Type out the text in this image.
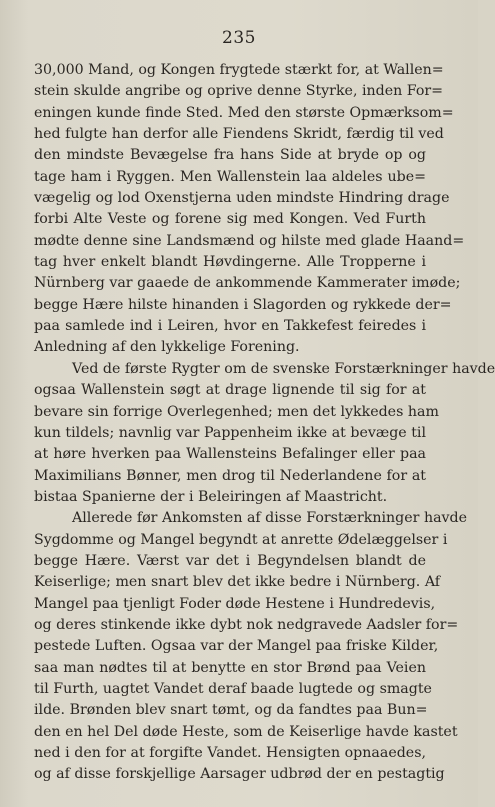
235
30,000 Mand, og Kongen frygtede stærkt for, at Wallen=
stein skulde angribe og oprive denne Styrke, inden For=
eningen kunde finde Sted. Med den største Opmærksom=
hed fulgte han derfor alle Fiendens Skridt, færdig til ved
den mindste Bevægelse fra hans Side at bryde op og
tage ham i Ryggen. Men Wallenstein laa aldeles ube=
vægelig og lod Oxenstjerna uden mindste Hindring drage
forbi Alte Veste og forene sig med Kongen. Ved Furth
mødte denne sine Landsmænd og hilste med glade Haand=
tag hver enkelt blandt Høvdingerne. Alle Tropperne i
Nürnberg var gaaede de ankommende Kammerater imøde;
begge Hære hilste hinanden i Slagorden og rykkede der=
paa samlede ind i Leiren, hvor en Takkefest feiredes i
Anledning af den lykkelige Forening.
Ved de første Rygter om de svenske Forstærkninger havde
ogsaa Wallenstein søgt at drage lignende til sig for at
bevare sin forrige Overlegenhed; men det lykkedes ham
kun tildels; navnlig var Pappenheim ikke at bevæge til
at høre hverken paa Wallensteins Befalinger eller paa
Maximilians Bønner, men drog til Nederlandene for at
bistaa Spanierne der i Beleiringen af Maastricht.
Allerede før Ankomsten af disse Forstærkninger havde
Sygdomme og Mangel begyndt at anrette Ødelæggelser i
begge Hære. Værst var det i Begyndelsen blandt de
Keiserlige; men snart blev det ikke bedre i Nürnberg. Af
Mangel paa tjenligt Foder døde Hestene i Hundredevis,
og deres stinkende ikke dybt nok nedgravede Aadsler for=
pestede Luften. Ogsaa var der Mangel paa friske Kilder,
saa man nødtes til at benytte en stor Brønd paa Veien
til Furth, uagtet Vandet deraf baade lugtede og smagte
ilde. Brønden blev snart tømt, og da fandtes paa Bun=
den en hel Del døde Heste, som de Keiserlige havde kastet
ned i den for at forgifte Vandet. Hensigten opnaaedes,
og af disse forskjellige Aarsager udbrød der en pestagtig
